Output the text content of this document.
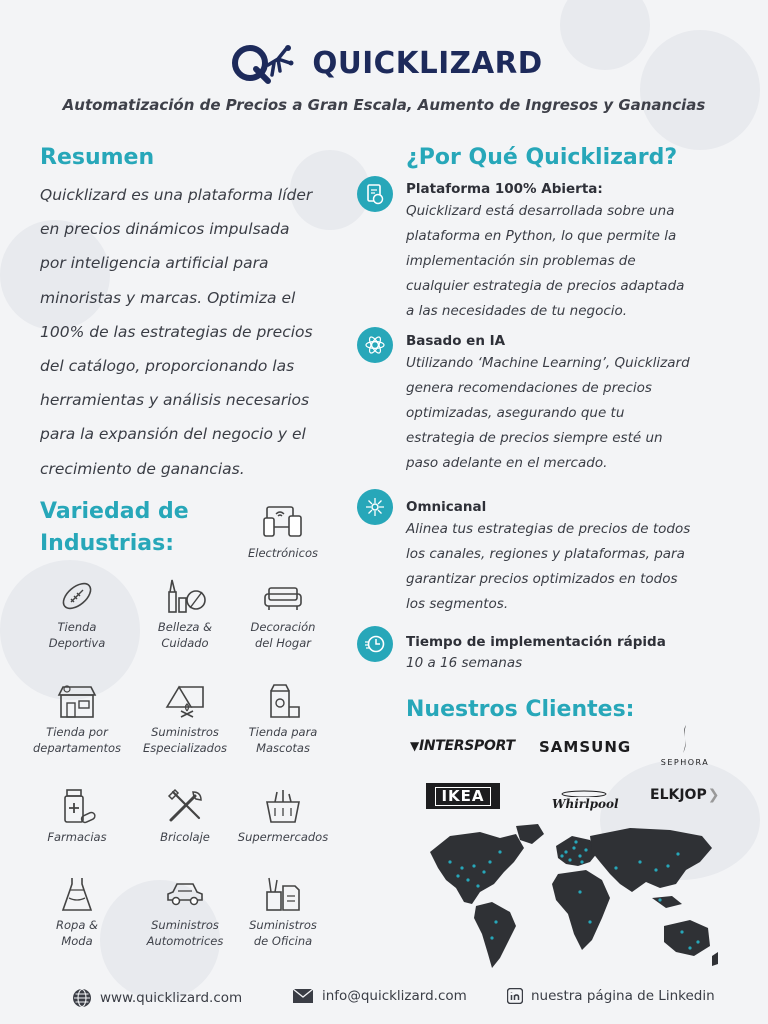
QUICKLIZARD
Automatización de Precios a Gran Escala, Aumento de Ingresos y Ganancias
Resumen
Quicklizard es una plataforma líder
en precios dinámicos impulsada
por inteligencia artificial para
minoristas y marcas. Optimiza el
100% de las estrategias de precios
del catálogo, proporcionando las
herramientas y análisis necesarios
para la expansión del negocio y el
crecimiento de ganancias.
Variedad de
Industrias:	Electrónicos
Tienda
Deportiva
Belleza &
Cuidado
Decoración
del Hogar
Tienda por
departamentos
Suministros
Especializados
Tienda para
Mascotas
Farmacias	Bricolaje	Supermercados
Ropa &
Moda
Suministros
Automotrices
Suministros
de Oficina
¿Por Qué Quicklizard?
Plataforma 100% Abierta:
Quicklizard está desarrollada sobre una
plataforma en Python, lo que permite la
implementación sin problemas de
cualquier estrategia de precios adaptada
a las necesidades de tu negocio.
Basado en IA
Utilizando ‘Machine Learning’, Quicklizard
genera recomendaciones de precios
optimizadas, asegurando que tu
estrategia de precios siempre esté un
paso adelante en el mercado.
Omnicanal
Alinea tus estrategias de precios de todos
los canales, regiones y plataformas, para
garantizar precios optimizados en todos
los segmentos.
Tiempo de implementación rápida
10 a 16 semanas
Nuestros Clientes:
▼INTERSPORT SAMSUNG
SEPHORA
IKEA	Whirlpool
ELKJOP ❯
www.quicklizard.com	info@quicklizard.com	nuestra página de Linkedin
